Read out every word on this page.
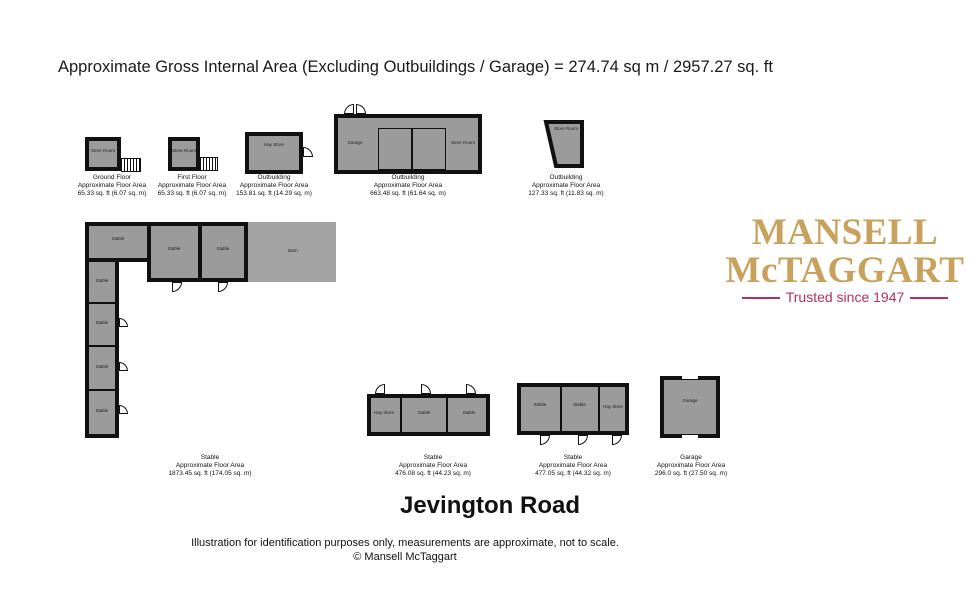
Approximate Gross Internal Area (Excluding Outbuildings / Garage) = 274.74 sq m / 2957.27 sq. ft
Store Room
Ground Floor
Approximate Floor Area
65.33 sq. ft (6.07 sq. m)
Store Room
First Floor
Approximate Floor Area
65.33 sq. ft (6.07 sq. m)
Hay Store
Outbuilding
Approximate Floor Area
153.81 sq. ft (14.29 sq. m)
Garage	Store Room
Outbuilding
Approximate Floor Area
663.48 sq. ft (61.64 sq. m)
Store Room
Outbuilding
Approximate Floor Area
127.33 sq. ft (11.83 sq. m)
Stable
Stable	Stable	Barn
Stable
Stable
Stable
Stable
Stable
Approximate Floor Area
1873.45 sq. ft (174.05 sq. m)
Hay Store	Stable	Stable
Stable
Approximate Floor Area
476.08 sq. ft (44.23 sq. m)
Stable	Stable	Hay Store
Stable
Approximate Floor Area
477.05 sq. ft (44.32 sq. m)
Garage
Garage
Approximate Floor Area
296.0 sq. ft (27.50 sq. m)
MANSELL
McTAGGART
Trusted since 1947
Jevington Road
Illustration for identification purposes only, measurements are approximate, not to scale.
© Mansell McTaggart
